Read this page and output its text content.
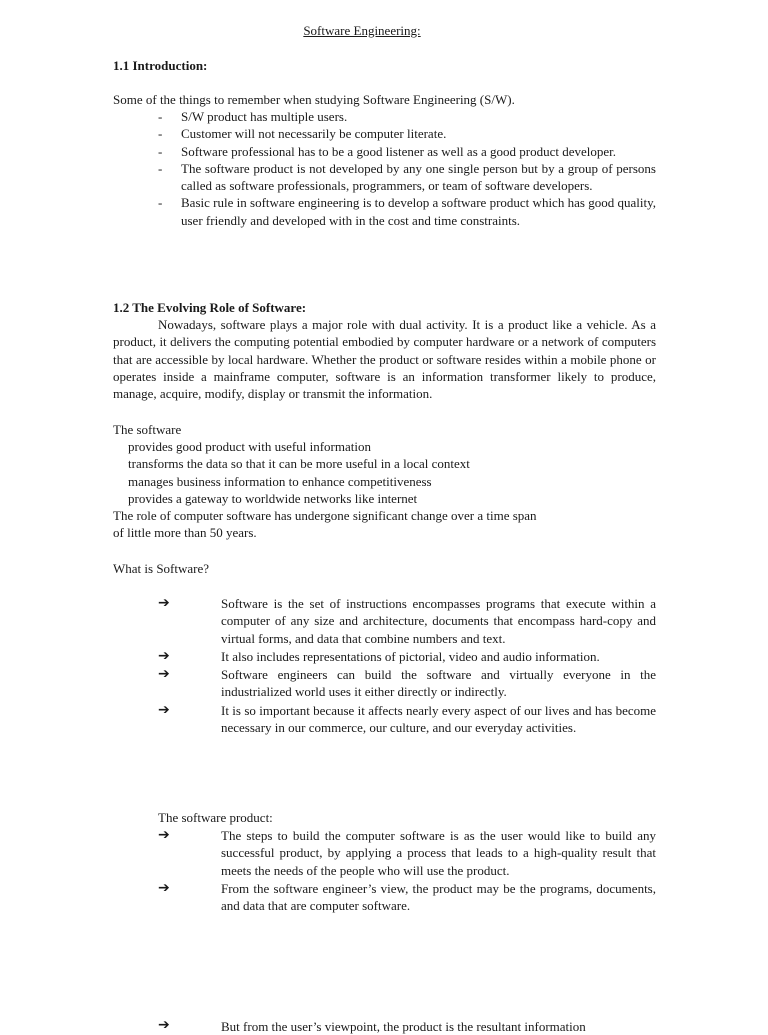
Software Engineering:
1.1 Introduction:
Some of the things to remember when studying Software Engineering (S/W).
- S/W product has multiple users.
- Customer will not necessarily be computer literate.
- Software professional has to be a good listener as well as a good product developer.
- The software product is not developed by any one single person but by a group of persons called as software professionals, programmers, or team of software developers.
- Basic rule in software engineering is to develop a software product which has good quality, user friendly and developed with in the cost and time constraints.
1.2 The Evolving Role of Software:
Nowadays, software plays a major role with dual activity. It is a product like a vehicle. As a product, it delivers the computing potential embodied by computer hardware or a network of computers that are accessible by local hardware. Whether the product or software resides within a mobile phone or operates inside a mainframe computer, software is an information transformer likely to produce, manage, acquire, modify, display or transmit the information.
The software
provides good product with useful information
transforms the data so that it can be more useful in a local context
manages business information to enhance competitiveness
provides a gateway to worldwide networks like internet
The role of computer software has undergone significant change over a time span
of little more than 50 years.
What is Software?
➔	Software is the set of instructions encompasses programs that execute within a computer of any size and architecture, documents that encompass hard-copy and virtual forms, and data that combine numbers and text.
➔	It also includes representations of pictorial, video and audio information.
➔	Software engineers can build the software and virtually everyone in the industrialized world uses it either directly or indirectly.
➔	It is so important because it affects nearly every aspect of our lives and has become necessary in our commerce, our culture, and our everyday activities.
The software product:
➔	The steps to build the computer software is as the user would like to build any successful product, by applying a process that leads to a high-quality result that meets the needs of the people who will use the product.
➔	From the software engineer’s view, the product may be the programs, documents, and data that are computer software.
➔	But from the user’s viewpoint, the product is the resultant information
